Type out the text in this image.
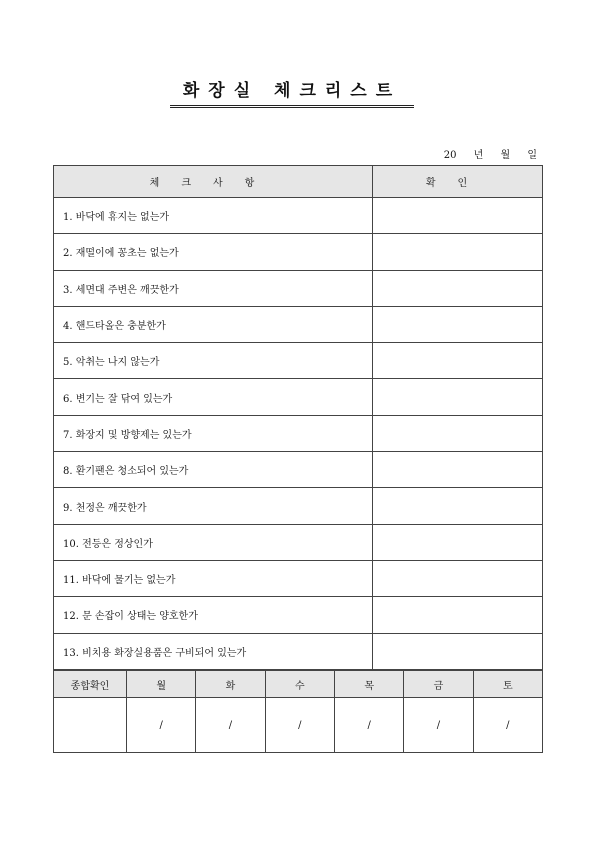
화장실 체크리스트
20 년 월 일
체크사항	확인
1. 바닥에 휴지는 없는가	
2. 재떨이에 꽁초는 없는가	
3. 세면대 주변은 깨끗한가	
4. 핸드타올은 충분한가	
5. 악취는 나지 않는가	
6. 변기는 잘 닦여 있는가	
7. 화장지 및 방향제는 있는가	
8. 환기팬은 청소되어 있는가	
9. 천정은 깨끗한가	
10. 전등은 정상인가	
11. 바닥에 물기는 없는가	
12. 문 손잡이 상태는 양호한가	
13. 비치용 화장실용품은 구비되어 있는가	
종합확인	월	화	수	목	금	토
	/	/	/	/	/	/
